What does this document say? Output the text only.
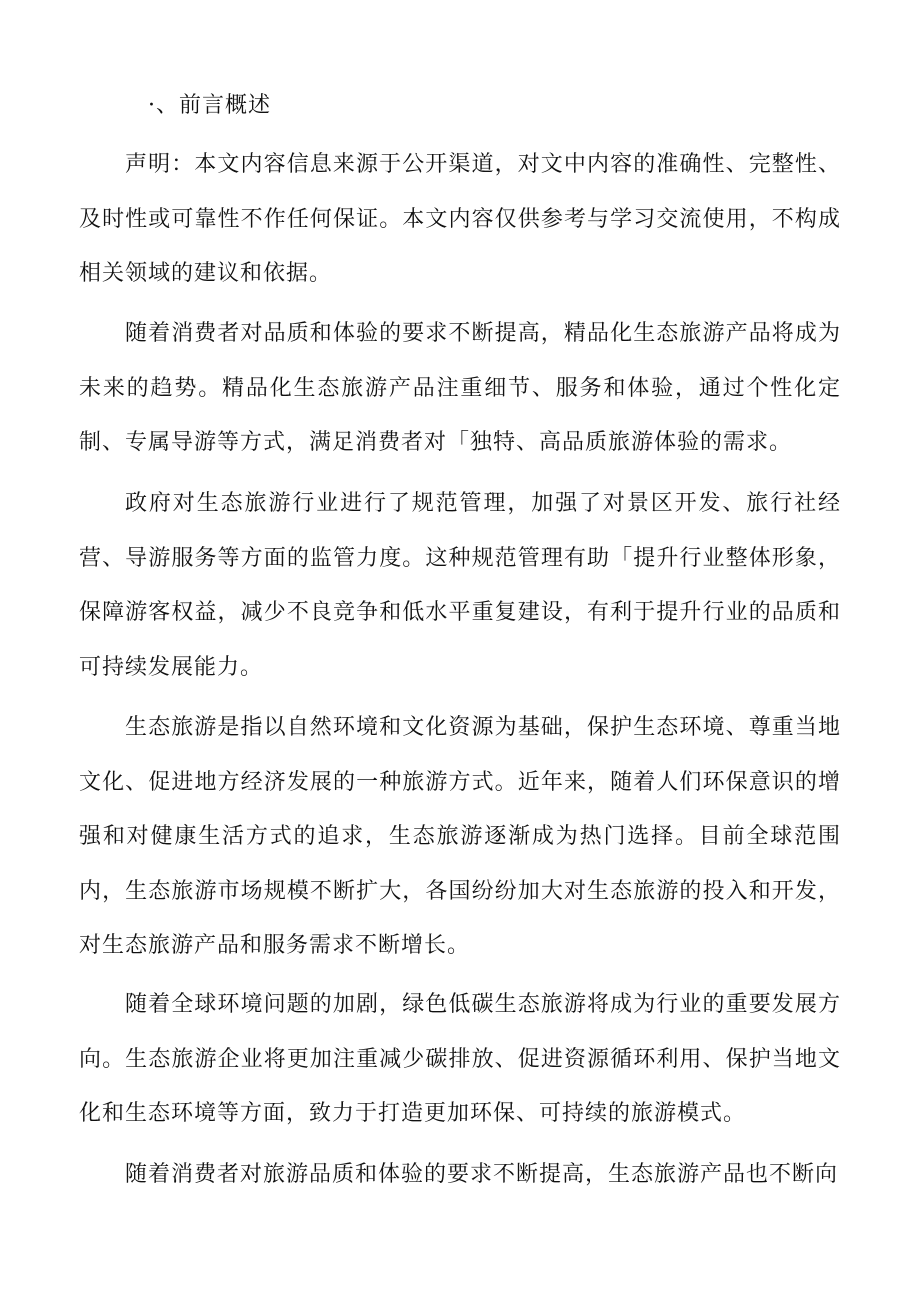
·、前言概述

声明：本文内容信息来源于公开渠道，对文中内容的准确性、完整性、及时性或可靠性不作任何保证。本文内容仅供参考与学习交流使用，不构成相关领域的建议和依据。

随着消费者对品质和体验的要求不断提高，精品化生态旅游产品将成为未来的趋势。精品化生态旅游产品注重细节、服务和体验，通过个性化定制、专属导游等方式，满足消费者对「独特、高品质旅游体验的需求。

政府对生态旅游行业进行了规范管理，加强了对景区开发、旅行社经营、导游服务等方面的监管力度。这种规范管理有助「提升行业整体形象，保障游客权益，减少不良竞争和低水平重复建设，有利于提升行业的品质和可持续发展能力。

生态旅游是指以自然环境和文化资源为基础，保护生态环境、尊重当地文化、促进地方经济发展的一种旅游方式。近年来，随着人们环保意识的增强和对健康生活方式的追求，生态旅游逐渐成为热门选择。目前全球范围内，生态旅游市场规模不断扩大，各国纷纷加大对生态旅游的投入和开发，对生态旅游产品和服务需求不断增长。

随着全球环境问题的加剧，绿色低碳生态旅游将成为行业的重要发展方向。生态旅游企业将更加注重减少碳排放、促进资源循环利用、保护当地文化和生态环境等方面，致力于打造更加环保、可持续的旅游模式。

随着消费者对旅游品质和体验的要求不断提高，生态旅游产品也不断向
